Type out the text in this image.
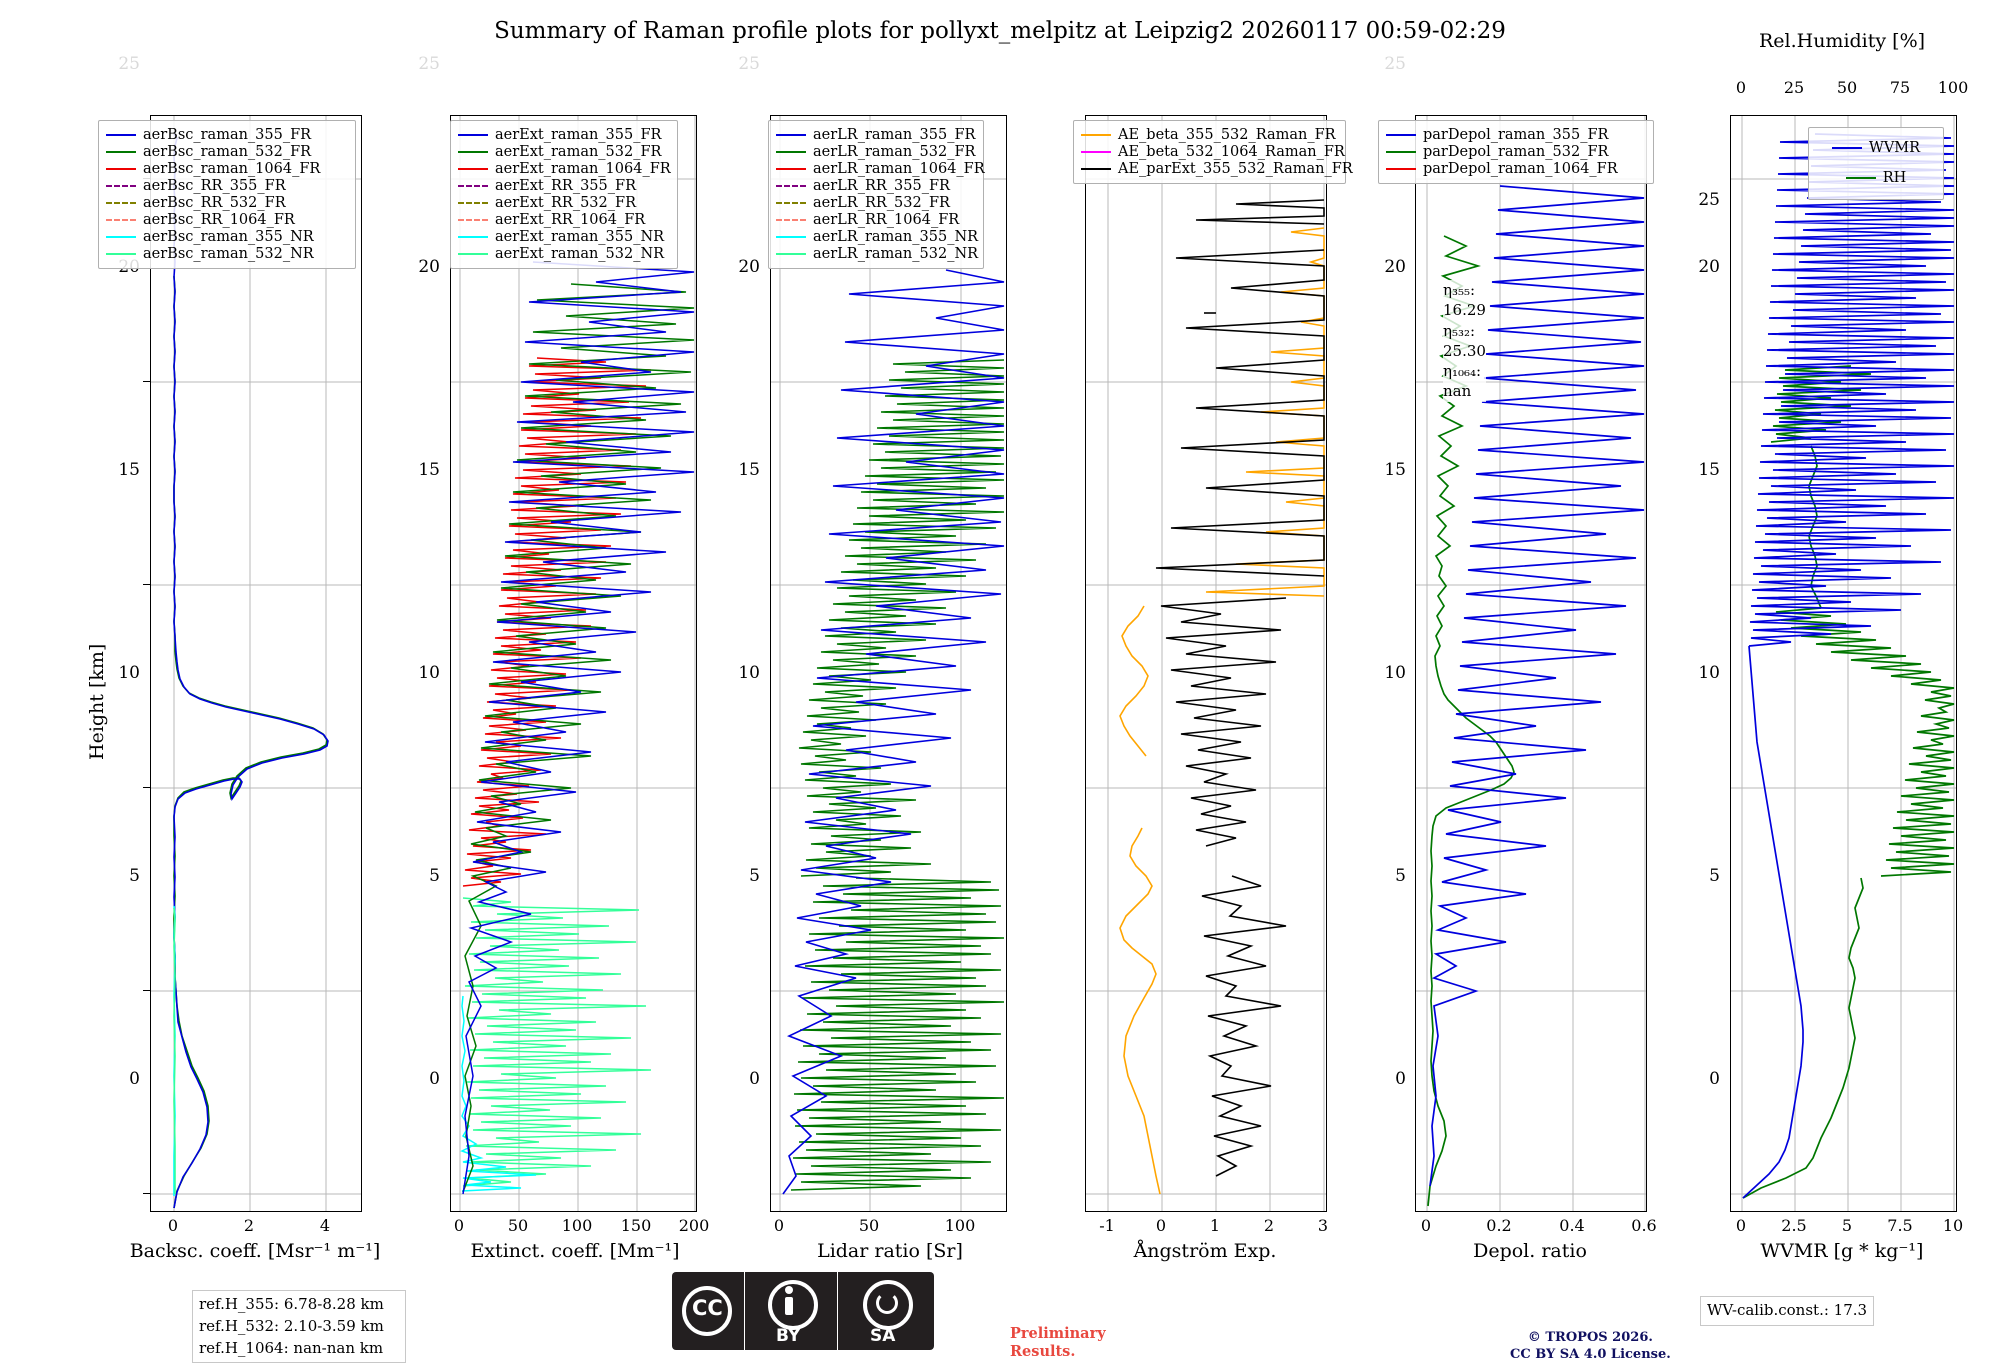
Summary of Raman profile plots for pollyxt_melpitz at Leipzig2 20260117 00:59-02:29
Height [km]
0
5
10
15
25
0	2	4
Backsc. coeff. [Msr⁻¹ m⁻¹]
aerBsc_raman_355_FR
aerBsc_raman_532_FR
aerBsc_raman_1064_FR
aerBsc_RR_355_FR
aerBsc_RR_532_FR
aerBsc_RR_1064_FR
aerBsc_raman_355_NR
aerBsc_raman_532_NR
0
5
10
15
20
25
0	50	100	150	200
Extinct. coeff. [Mm⁻¹]
aerExt_raman_355_FR
aerExt_raman_532_FR
aerExt_raman_1064_FR
aerExt_RR_355_FR
aerExt_RR_532_FR
aerExt_RR_1064_FR
aerExt_raman_355_NR
aerExt_raman_532_NR
0
5
10
15
20
25
0	50	100
Lidar ratio [Sr]
aerLR_raman_355_FR
aerLR_raman_532_FR
aerLR_raman_1064_FR
aerLR_RR_355_FR
aerLR_RR_532_FR
aerLR_RR_1064_FR
aerLR_raman_355_NR
aerLR_raman_532_NR
-1	0	1	2	3
Ångström Exp.
AE_beta_355_532_Raman_FR
AE_beta_532_1064_Raman_FR
AE_parExt_355_532_Raman_FR
0
5
10
15
20
25
0	0.2	0.4	0.6
Depol. ratio
parDepol_raman_355_FR
parDepol_raman_532_FR
parDepol_raman_1064_FR
η₃₅₅: 16.29
η₅₃₂: 25.30
η₁₀₆₄: nan
0
5
10
15
20
25
0	2.5	5	7.5	10
WVMR [g * kg⁻¹]
Rel.Humidity [%]
0	25	50	75	100
WVMR
RH
ref.H_355: 6.78-8.28 km
ref.H_532: 2.10-3.59 km
ref.H_1064: nan-nan km
WV-calib.const.: 17.3
CC
BY	SA	Preliminary
Results.
© TROPOS 2026.
CC BY SA 4.0 License.
